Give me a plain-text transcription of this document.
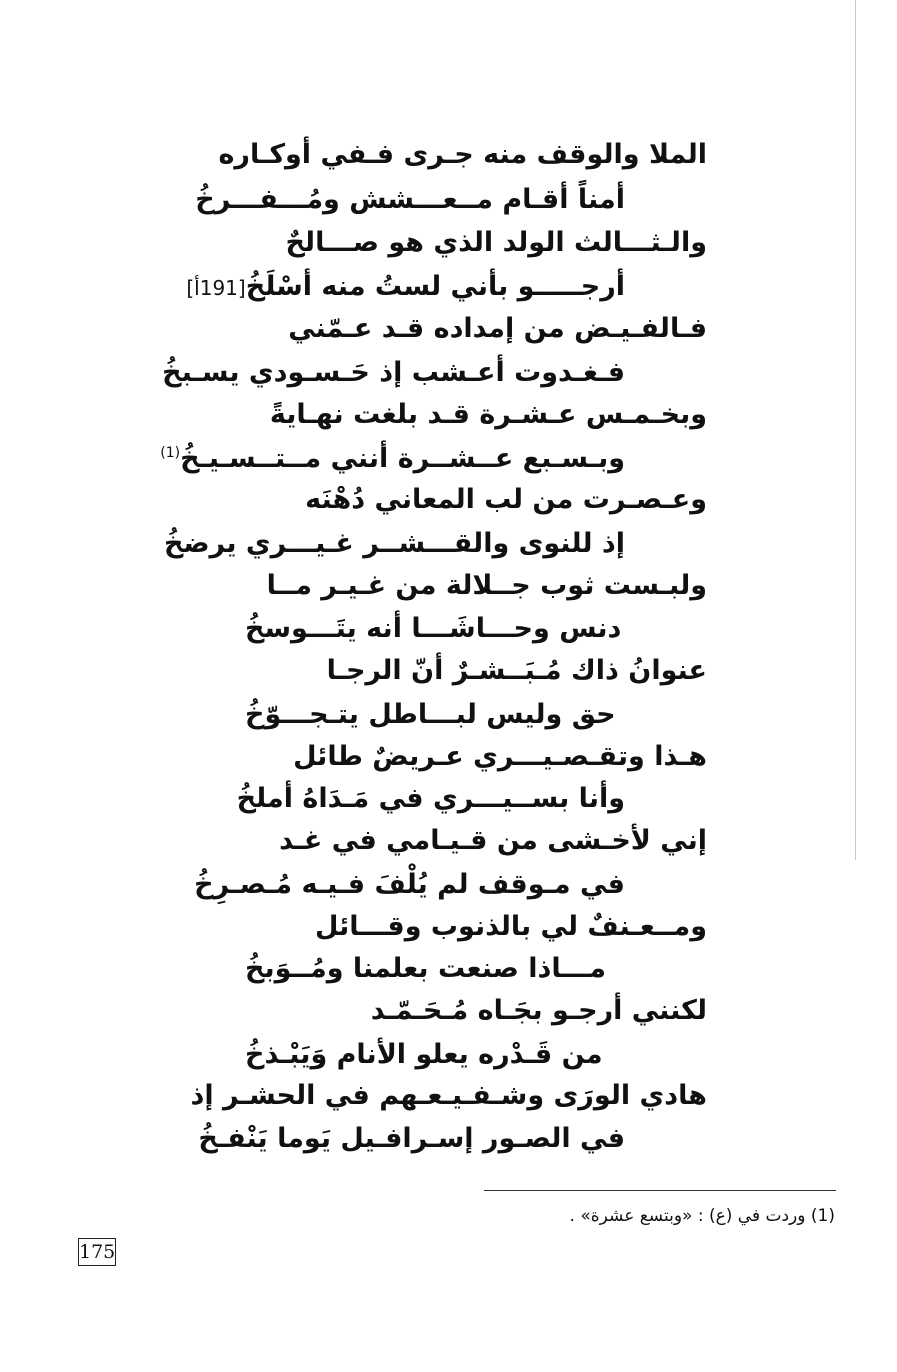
الملا والوقف منه جـرى فـفي أوكـاره
أمناً أقـام مــعـــشش ومُـــفـــرخُ
والـثـــالث الولد الذي هو صـــالحٌ
أرجـــــو بأني لستُ منه أسْلَخُ[191أ]
فـالفـيـض من إمداده قـد عـمّني
فـغـدوت أعـشب إذ حَـسـودي يسـبخُ
وبخـمـس عـشـرة قـد بلغت نهـايةً
وبـسـبع عــشــرة أنني مــتــسـيـخُ$^{(1)}$
وعـصـرت من لب المعاني دُهْنَه
إذ للنوى والقـــشــر غـيـــري يرضخُ
ولبـست ثوب جــلالة من غـيـر مــا
دنس وحـــاشَـــا أنه يتَـــوسخُ
عنوانُ ذاك مُـبَــشـرٌ أنّ الرجـا
حق وليس لبـــاطل يتـجـــوّخُ
هـذا وتقـصـيـــري عـريضٌ طائل
وأنا بســيـــري في مَـدَاهُ أملخُ
إني لأخـشى من قـيـامي في غـد
في مـوقف لم يُلْفَ فـيـه مُـصـرِخُ
ومــعـنفٌ لي بالذنوب وقـــائل
مـــاذا صنعت بعلمنا ومُــوَبخُ
لكنني أرجـو بجَـاه مُـحَـمّـد
من قَـدْره يعلو الأنام وَيَبْـذخُ
هادي الورَى وشـفـيـعـهم في الحشـر إذ
في الصـور إسـرافـيل يَوما يَنْفـخُ
(1) وردت في (ع) : «وبتسع عشرة» .
175
